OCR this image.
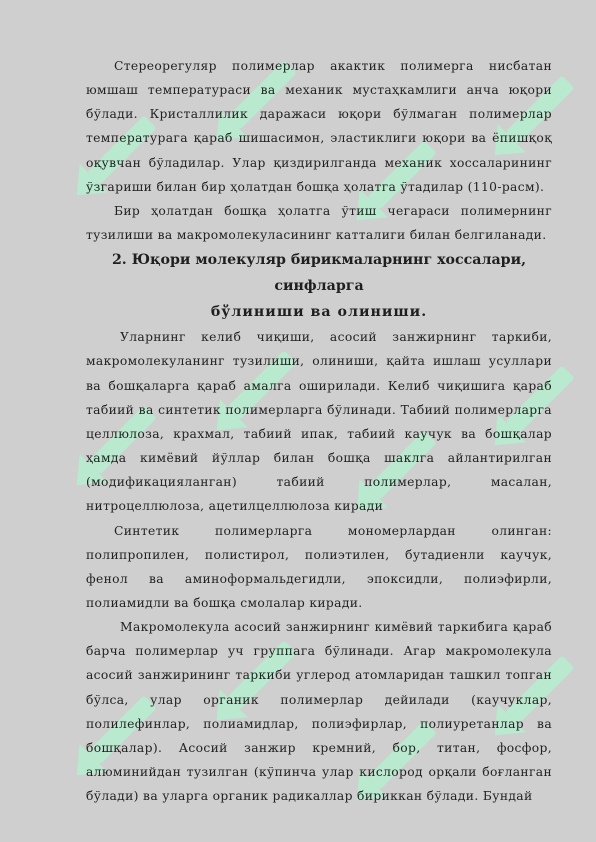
Стереорегуляр полимерлар акактик полимерга нисбатан юмшаш температураси ва механик мустаҳкамлиги анча юқори бўлади. Кристаллилик даражаси юқори бўлмаган полимерлар температурага қараб шишасимон, эластиклиги юқори ва ёпишқоқ оқувчан бўладилар. Улар қиздирилганда механик хоссаларининг ўзгариши билан бир ҳолатдан бошқа ҳолатга ўтадилар (110-расм).

Бир ҳолатдан бошқа ҳолатга ўтиш чегараси полимернинг тузилиши ва макромолекуласининг катталиги билан белгиланади.

2. Юқори молекуляр бирикмаларнинг хоссалари, синфларга
бўлиниши ва олиниши.

Уларнинг келиб чиқиши, асосий занжирнинг таркиби, макромолекуланинг тузилиши, олиниши, қайта ишлаш усуллари ва бошқаларга қараб амалга оширилади. Келиб чиқишига қараб табиий ва синтетик полимерларга бўлинади. Табиий полимерларга целлюлоза, крахмал, табиий ипак, табиий каучук ва бошқалар ҳамда кимёвий йўллар билан бошқа шаклга айлантирилган (модификацияланган) табиий полимерлар, масалан, нитроцеллюлоза, ацетилцеллюлоза киради

Синтетик полимерларга мономерлардан олинган: полипропилен, полистирол, полиэтилен, бутадиенли каучук, фенол ва аминоформальдегидли, эпоксидли, полиэфирли, полиамидли ва бошқа смолалар киради.

Макромолекула асосий занжирнинг кимёвий таркибига қараб барча полимерлар уч группага бўлинади. Агар макромолекула асосий занжирининг таркиби углерод атомларидан ташкил топган бўлса, улар органик полимерлар дейилади (каучуклар, полилефинлар, полиамидлар, полиэфирлар, полиуретанлар ва бошқалар). Асосий занжир кремний, бор, титан, фосфор, алюминийдан тузилган (кўпинча улар кислород орқали боғланган бўлади) ва уларга органик радикаллар бириккан бўлади. Бундай
